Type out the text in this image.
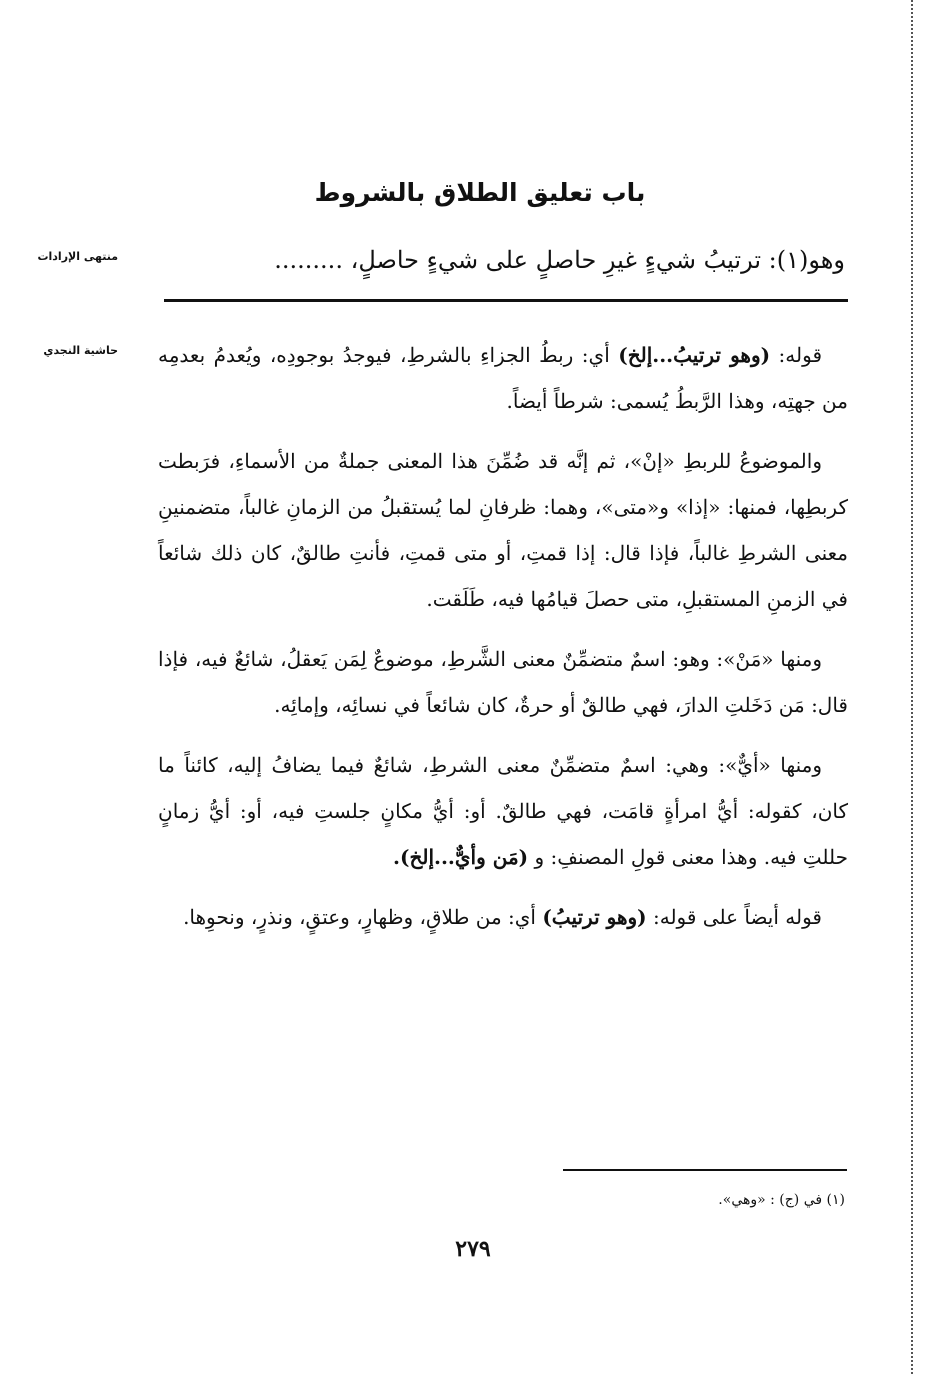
باب تعليق الطلاق بالشروط
منتهى الإرادات	وهو(١): ترتيبُ شيءٍ غيرِ حاصلٍ على شيءٍ حاصلٍ، .........
حاشية النجدي	قوله: (وهو ترتيبُ...إلخ) أي: ربطُ الجزاءِ بالشرطِ، فيوجدُ بوجودِه، ويُعدمُ بعدمِه من جهتِه، وهذا الرَّبطُ يُسمى: شرطاً أيضاً.

والموضوعُ للربطِ «إنْ»، ثم إنَّه قد ضُمِّنَ هذا المعنى جملةٌ من الأسماءِ، فرَبطت كربطِها، فمنها: «إذا» و«متى»، وهما: ظرفانِ لما يُستقبلُ من الزمانِ غالباً، متضمنينِ معنى الشرطِ غالباً، فإذا قال: إذا قمتِ، أو متى قمتِ، فأنتِ طالقٌ، كان ذلك شائعاً في الزمنِ المستقبلِ، متى حصلَ قيامُها فيه، طَلَقت.

ومنها «مَنْ»: وهو: اسمٌ متضمِّنٌ معنى الشَّرطِ، موضوعٌ لِمَن يَعقلُ، شائعٌ فيه، فإذا قال: مَن دَخَلتِ الدارَ، فهي طالقٌ أو حرةٌ، كان شائعاً في نسائِه، وإمائِه.

ومنها «أيٌّ»: وهي: اسمٌ متضمِّنٌ معنى الشرطِ، شائعٌ فيما يضافُ إليه، كائناً ما كان، كقوله: أيُّ امرأةٍ قامَت، فهي طالقٌ. أو: أيُّ مكانٍ جلستِ فيه، أو: أيُّ زمانٍ حللتِ فيه. وهذا معنى قولِ المصنفِ: و (مَن وأيٌّ...إلخ).

قوله أيضاً على قوله: (وهو ترتيبُ) أي: من طلاقٍ، وظهارٍ، وعتقٍ، ونذرٍ، ونحوِها.

(١) في (ج) : «وهي».
٢٧٩
